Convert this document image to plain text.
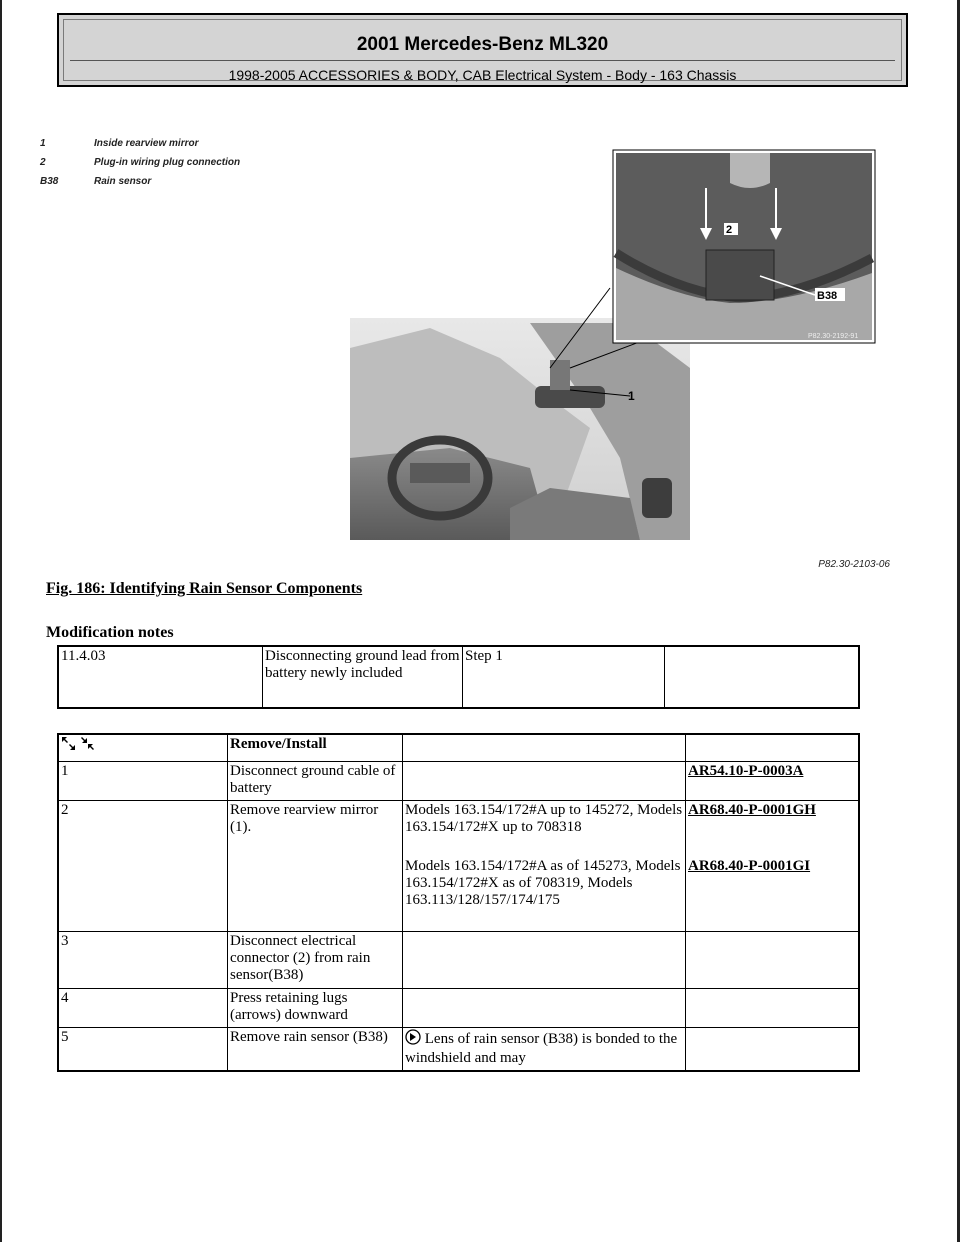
2001 Mercedes-Benz ML320
1998-2005 ACCESSORIES & BODY, CAB Electrical System - Body - 163 Chassis
1	Inside rearview mirror
2	Plug-in wiring plug connection
B38	Rain sensor
1
2
B38
P82.30-2192-91
P82.30-2103-06
Fig. 186: Identifying Rain Sensor Components
Modification notes
11.4.03	Disconnecting ground lead from battery newly included	Step 1	
	Remove/Install		
1	Disconnect ground cable of battery		AR54.10-P-0003A
2	Remove rearview mirror (1).	Models 163.154/172#A up to 145272, Models 163.154/172#X up to 708318	AR68.40-P-0001GH
		Models 163.154/172#A as of 145273, Models 163.154/172#X as of 708319, Models 163.113/128/157/174/175	AR68.40-P-0001GI
3	Disconnect electrical connector (2) from rain sensor(B38)		
4	Press retaining lugs (arrows) downward		
5	Remove rain sensor (B38)	Lens of rain sensor (B38) is bonded to the windshield and may	
